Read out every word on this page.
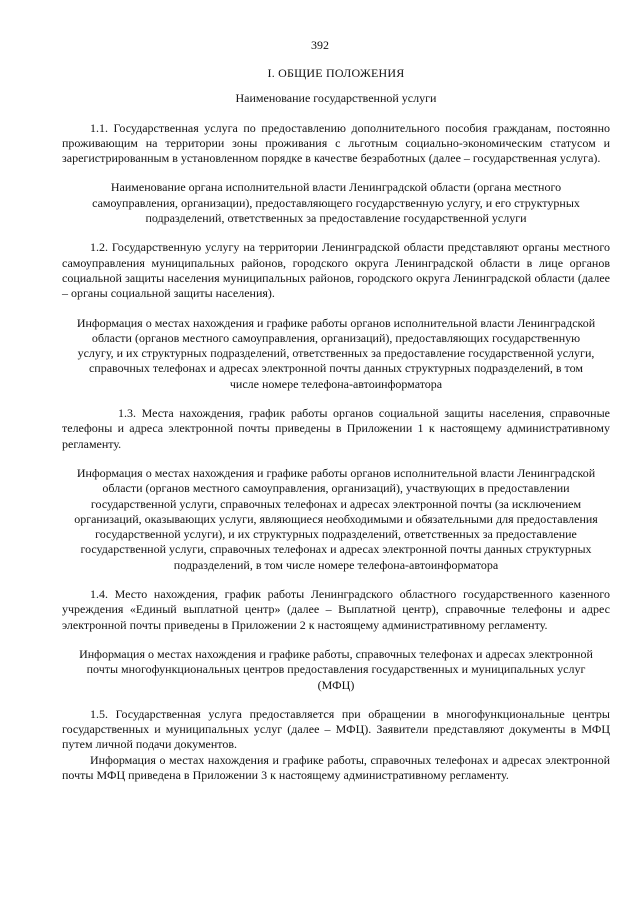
392
I. ОБЩИЕ ПОЛОЖЕНИЯ
Наименование государственной услуги

1.1. Государственная услуга по предоставлению дополнительного пособия гражданам, постоянно проживающим на территории зоны проживания с льготным социально-экономическим статусом и зарегистрированным в установленном порядке в качестве безработных (далее – государственная услуга).

Наименование органа исполнительной власти Ленинградской области (органа местного самоуправления, организации), предоставляющего государственную услугу, и его структурных подразделений, ответственных за предоставление государственной услуги

1.2. Государственную услугу на территории Ленинградской области представляют органы местного самоуправления муниципальных районов, городского округа Ленинградской области в лице органов социальной защиты населения муниципальных районов, городского округа Ленинградской области (далее – органы социальной защиты населения).

Информация о местах нахождения и графике работы органов исполнительной власти Ленинградской области (органов местного самоуправления, организаций), предоставляющих государственную услугу, и их структурных подразделений, ответственных за предоставление государственной услуги, справочных телефонах и адресах электронной почты данных структурных подразделений, в том числе номере телефона-автоинформатора

1.3. Места нахождения, график работы органов социальной защиты населения, справочные телефоны и адреса электронной почты приведены в Приложении 1 к настоящему административному регламенту.

Информация о местах нахождения и графике работы органов исполнительной власти Ленинградской области (органов местного самоуправления, организаций), участвующих в предоставлении государственной услуги, справочных телефонах и адресах электронной почты (за исключением организаций, оказывающих услуги, являющиеся необходимыми и обязательными для предоставления государственной услуги), и их структурных подразделений, ответственных за предоставление государственной услуги, справочных телефонах и адресах электронной почты данных структурных подразделений, в том числе номере телефона-автоинформатора

1.4. Место нахождения, график работы Ленинградского областного государственного казенного учреждения «Единый выплатной центр» (далее – Выплатной центр), справочные телефоны и адрес электронной почты приведены в Приложении 2 к настоящему административному регламенту.

Информация о местах нахождения и графике работы, справочных телефонах и адресах электронной почты многофункциональных центров предоставления государственных и муниципальных услуг (МФЦ)

1.5. Государственная услуга предоставляется при обращении в многофункциональные центры государственных и муниципальных услуг (далее – МФЦ). Заявители представляют документы в МФЦ путем личной подачи документов.

Информация о местах нахождения и графике работы, справочных телефонах и адресах электронной почты МФЦ приведена в Приложении 3 к настоящему административному регламенту.
